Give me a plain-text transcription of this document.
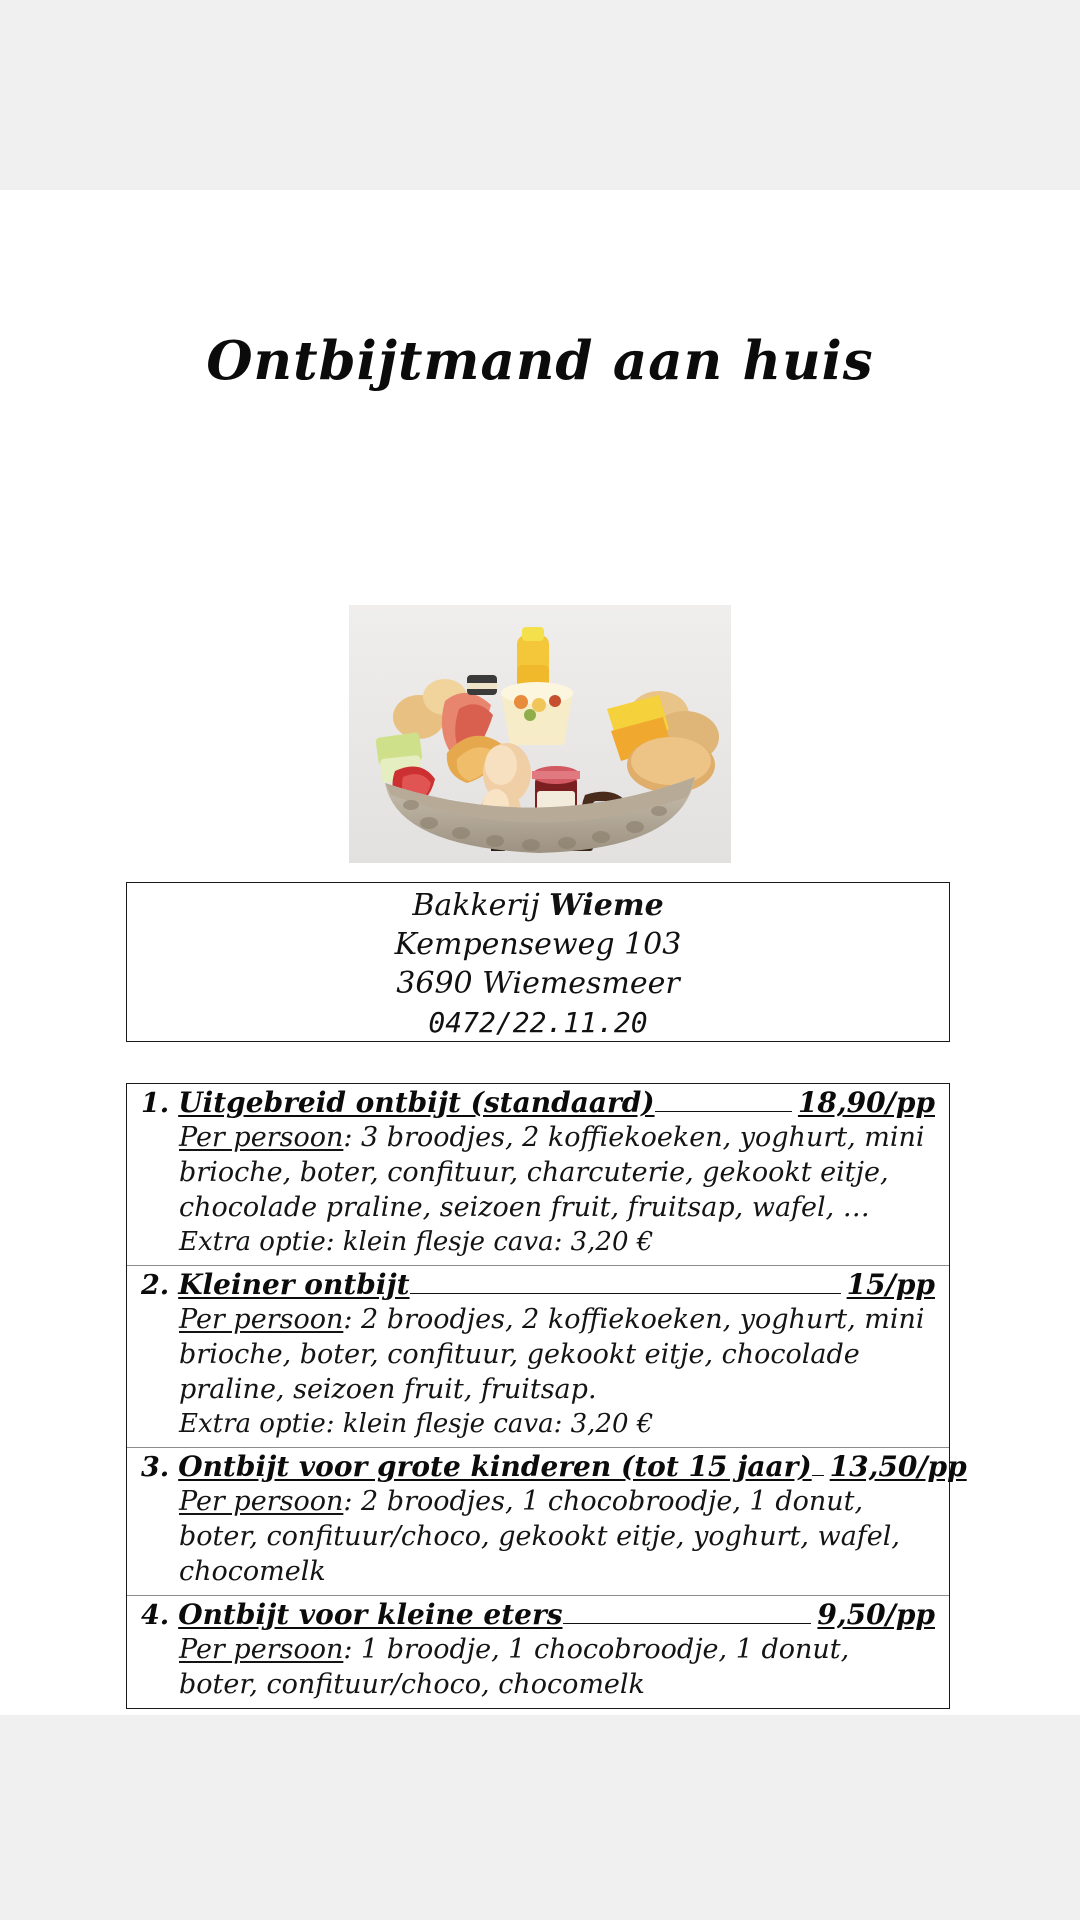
Ontbijtmand aan huis
Bakkerij Wieme
Kempenseweg 103
3690 Wiemesmeer
0472/22.11.20
1. Uitgebreid ontbijt (standaard)	18,90/pp
Per persoon: 3 broodjes, 2 koffiekoeken, yoghurt, mini brioche, boter, confituur, charcuterie, gekookt eitje, chocolade praline, seizoen fruit, fruitsap, wafel, …
Extra optie: klein flesje cava: 3,20 €
2. Kleiner ontbijt	15/pp
Per persoon: 2 broodjes, 2 koffiekoeken, yoghurt, mini brioche, boter, confituur, gekookt eitje, chocolade praline, seizoen fruit, fruitsap.
Extra optie: klein flesje cava: 3,20 €
3. Ontbijt voor grote kinderen (tot 15 jaar) 13,50/pp
Per persoon: 2 broodjes, 1 chocobroodje, 1 donut, boter, confituur/choco, gekookt eitje, yoghurt, wafel, chocomelk
4. Ontbijt voor kleine eters	9,50/pp
Per persoon: 1 broodje, 1 chocobroodje, 1 donut, boter, confituur/choco, chocomelk
